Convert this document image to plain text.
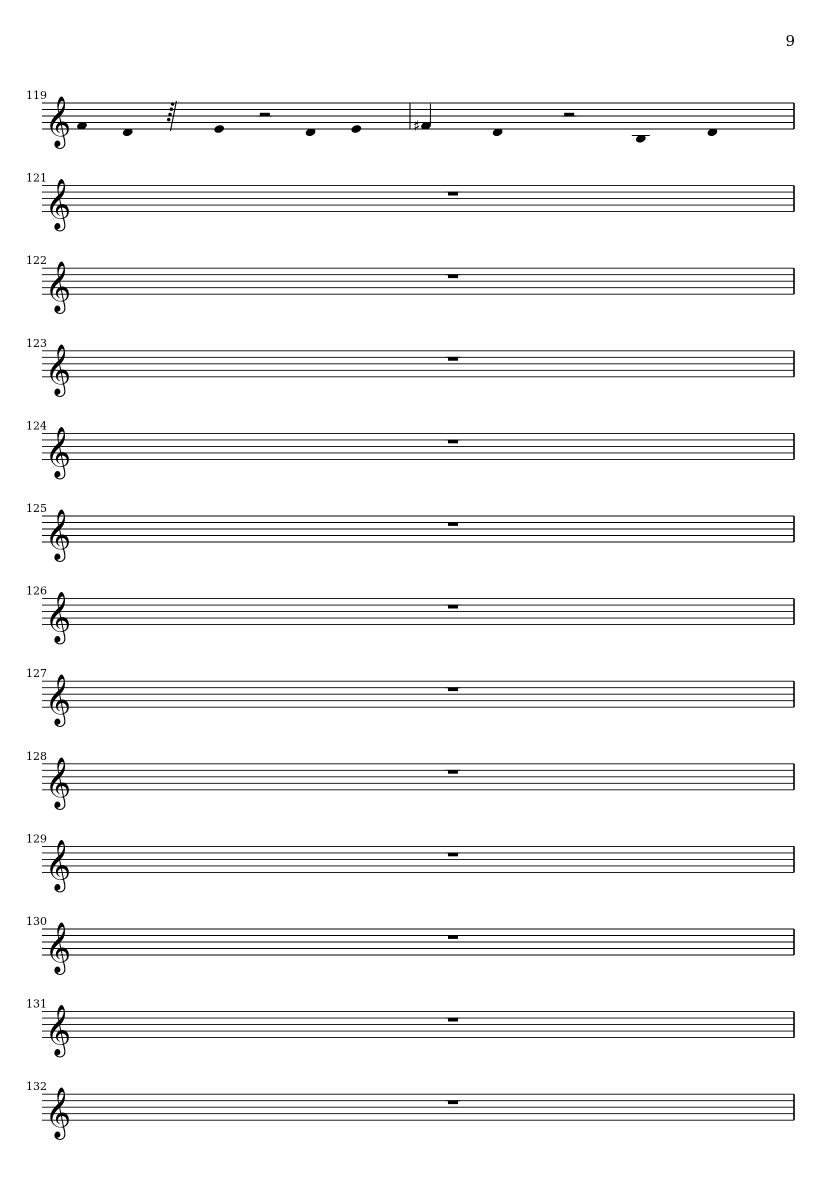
9
𝄞
119
♯
𝄞
121
𝄞
122
𝄞
123
𝄞
124
𝄞
125
𝄞
126
𝄞
127
𝄞
128
𝄞
129
𝄞
130
𝄞
131
𝄞
132
